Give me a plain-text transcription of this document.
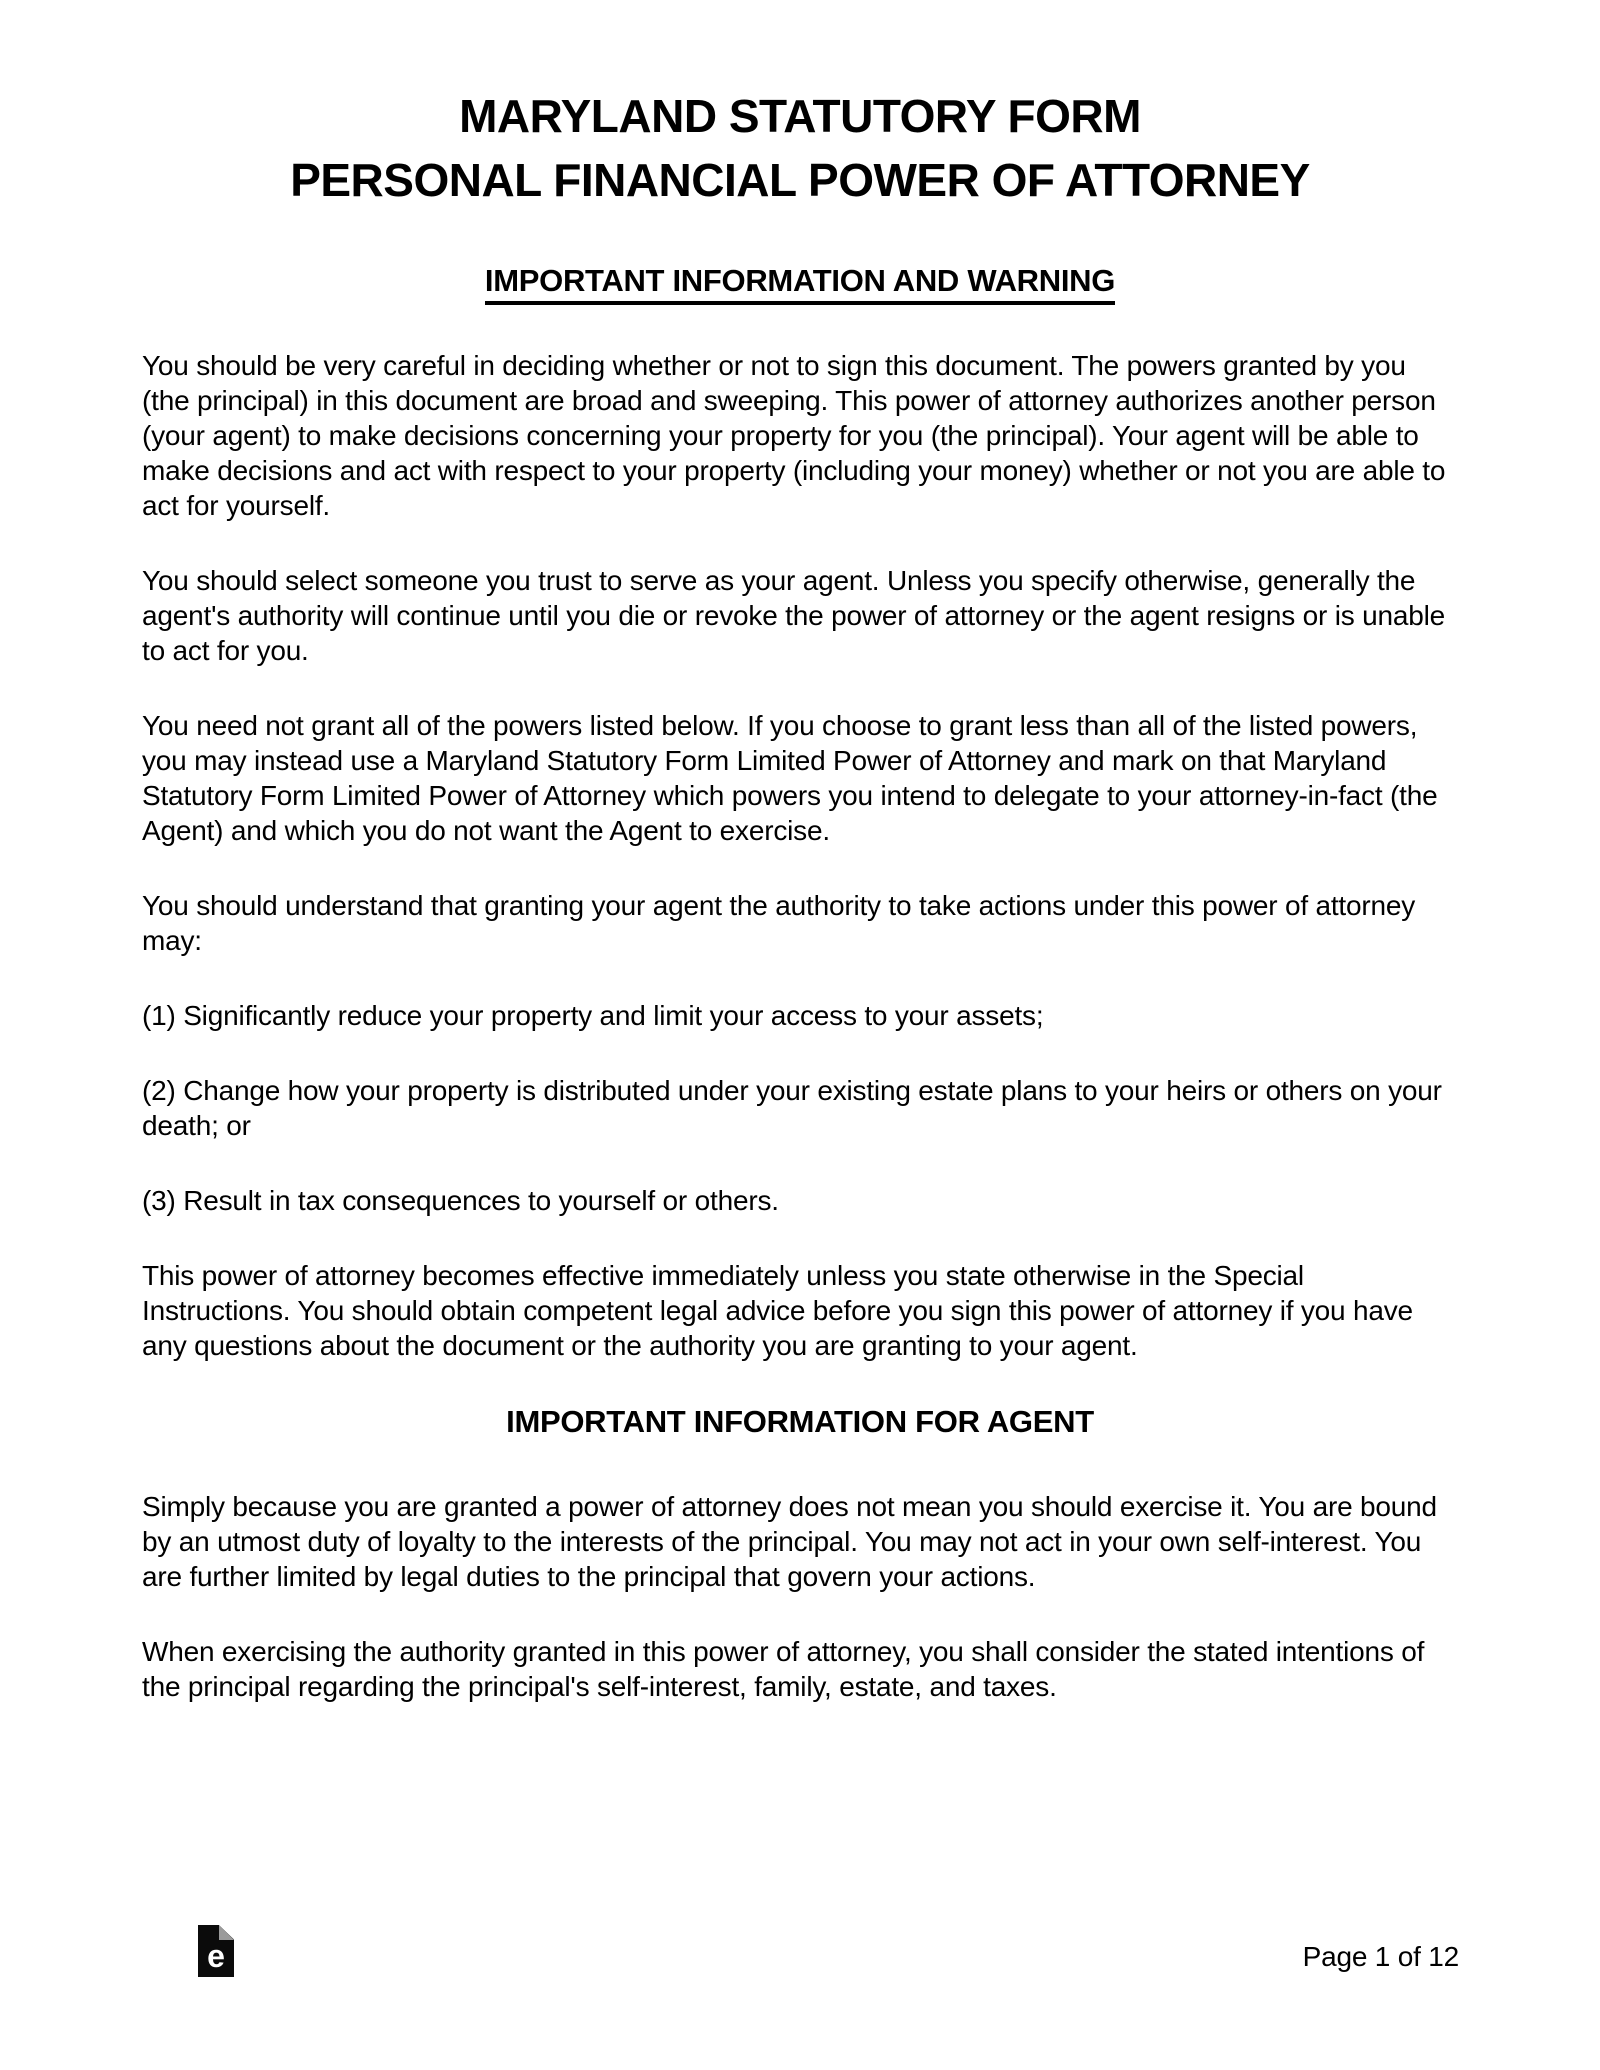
MARYLAND STATUTORY FORM
PERSONAL FINANCIAL POWER OF ATTORNEY
IMPORTANT INFORMATION AND WARNING

You should be very careful in deciding whether or not to sign this document. The powers granted by you (the principal) in this document are broad and sweeping. This power of attorney authorizes another person (your agent) to make decisions concerning your property for you (the principal). Your agent will be able to make decisions and act with respect to your property (including your money) whether or not you are able to act for yourself.

You should select someone you trust to serve as your agent. Unless you specify otherwise, generally the agent's authority will continue until you die or revoke the power of attorney or the agent resigns or is unable to act for you.

You need not grant all of the powers listed below. If you choose to grant less than all of the listed powers, you may instead use a Maryland Statutory Form Limited Power of Attorney and mark on that Maryland Statutory Form Limited Power of Attorney which powers you intend to delegate to your attorney-in-fact (the Agent) and which you do not want the Agent to exercise.

You should understand that granting your agent the authority to take actions under this power of attorney may:

(1) Significantly reduce your property and limit your access to your assets;

(2) Change how your property is distributed under your existing estate plans to your heirs or others on your death; or

(3) Result in tax consequences to yourself or others.

This power of attorney becomes effective immediately unless you state otherwise in the Special Instructions. You should obtain competent legal advice before you sign this power of attorney if you have any questions about the document or the authority you are granting to your agent.

IMPORTANT INFORMATION FOR AGENT

Simply because you are granted a power of attorney does not mean you should exercise it. You are bound by an utmost duty of loyalty to the interests of the principal. You may not act in your own self-interest. You are further limited by legal duties to the principal that govern your actions.

When exercising the authority granted in this power of attorney, you shall consider the stated intentions of the principal regarding the principal's self-interest, family, estate, and taxes.

e	Page 1 of 12
